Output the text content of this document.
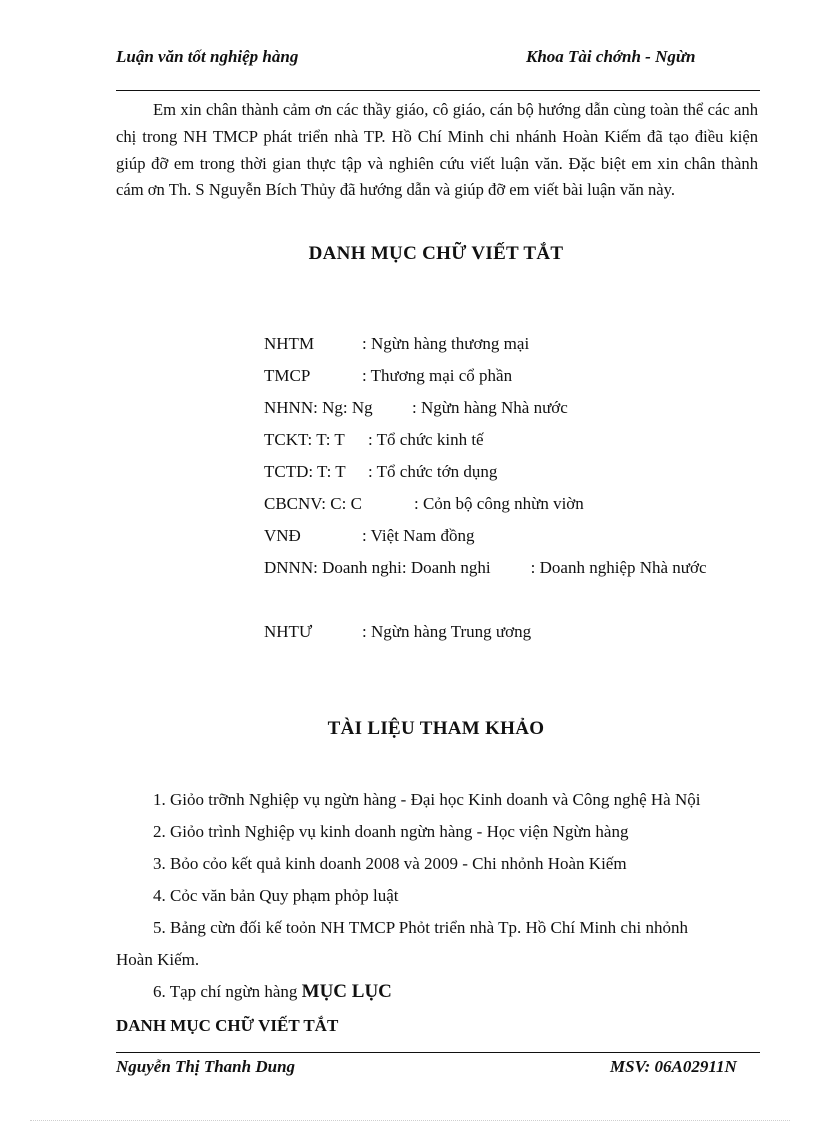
Luận văn tốt nghiệp hàng	Khoa Tài chớnh - Ngừn

Em xin chân thành cảm ơn các thầy giáo, cô giáo, cán bộ hướng dẫn cùng toàn thể các anh chị trong NH TMCP phát triển nhà TP. Hồ Chí Minh chi nhánh Hoàn Kiếm đã tạo điều kiện giúp đỡ em trong thời gian thực tập và nghiên cứu viết luận văn. Đặc biệt em xin chân thành cám ơn Th. S Nguyễn Bích Thủy đã hướng dẫn và giúp đỡ em viết bài luận văn này.

DANH MỤC CHỮ VIẾT TẮT
NHTM	: Ngừn hàng thương mại
TMCP	: Thương mại cổ phần
NHNN: Ng: Ng : Ngừn hàng Nhà nước
TCKT: T: T : Tổ chức kinh tế
TCTD: T: T : Tổ chức tớn dụng
CBCNV: C: C	: Cỏn bộ công nhừn viờn
VNĐ	: Việt Nam đồng
DNNN: Doanh nghi: Doanh nghi : Doanh nghiệp Nhà nước
NHTƯ	: Ngừn hàng Trung ương
TÀI LIỆU THAM KHẢO
1. Giỏo trỡnh Nghiệp vụ ngừn hàng - Đại học Kinh doanh và Công nghệ Hà Nội
2. Giỏo trình Nghiệp vụ kinh doanh ngừn hàng - Học viện Ngừn hàng
3. Bỏo cỏo kết quả kinh doanh 2008 và 2009 - Chi nhỏnh Hoàn Kiếm
4. Cỏc văn bản Quy phạm phỏp luật
5. Bảng cừn đối kế toỏn NH TMCP Phỏt triển nhà Tp. Hồ Chí Minh chi nhỏnh Hoàn Kiếm.
6. Tạp chí ngừn hàng MỤC LỤC
DANH MỤC CHỮ VIẾT TẮT
Nguyễn Thị Thanh Dung	MSV: 06A02911N
